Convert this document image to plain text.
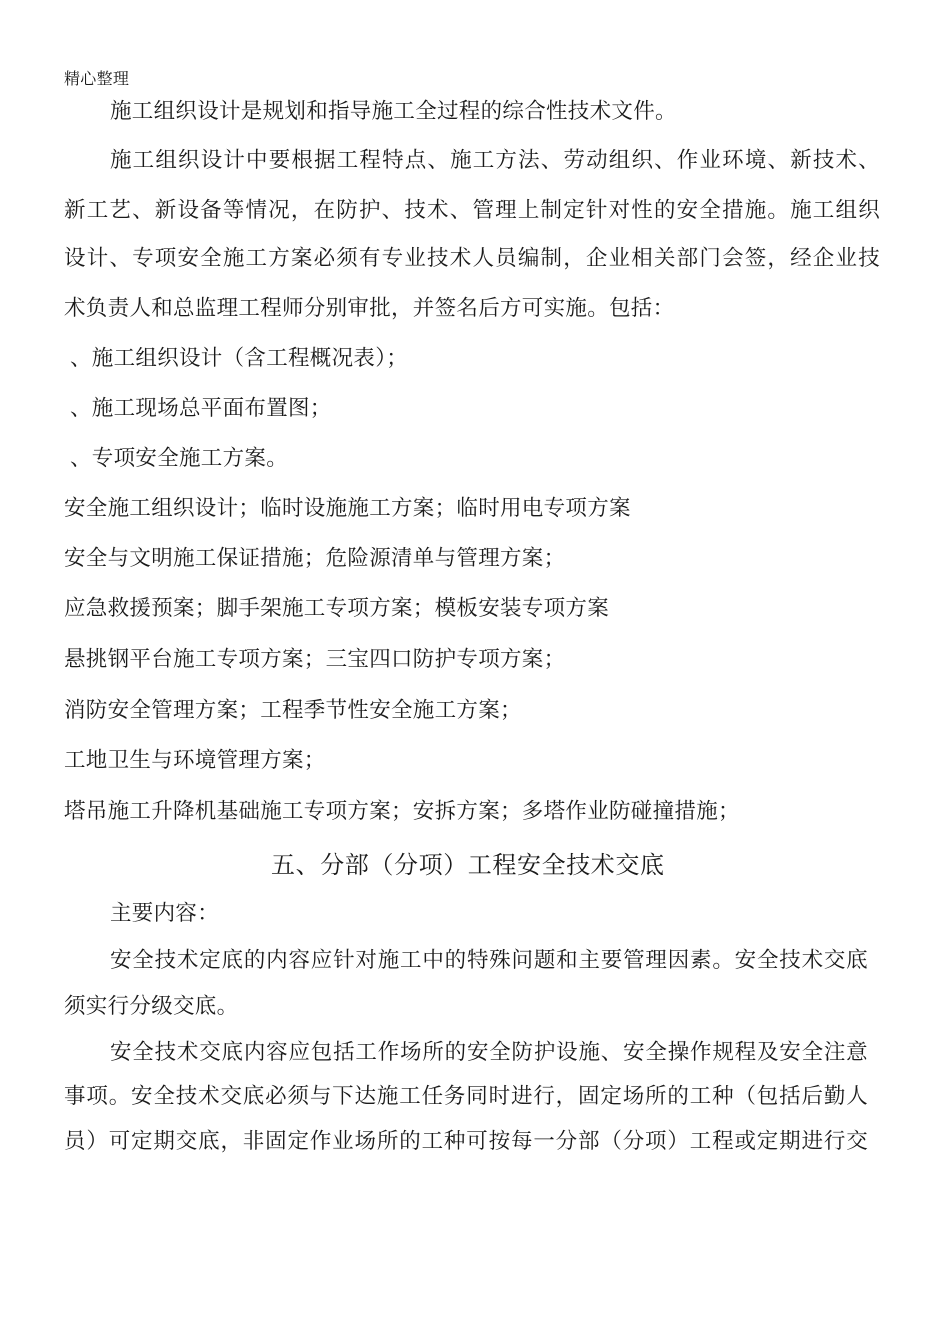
精心整理
施工组织设计是规划和指导施工全过程的综合性技术文件。
施工组织设计中要根据工程特点、施工方法、劳动组织、作业环境、新技术、
新工艺、新设备等情况，在防护、技术、管理上制定针对性的安全措施。施工组织
设计、专项安全施工方案必须有专业技术人员编制，企业相关部门会签，经企业技
术负责人和总监理工程师分别审批，并签名后方可实施。包括：
、施工组织设计（含工程概况表）；
、施工现场总平面布置图；
、专项安全施工方案。
安全施工组织设计；临时设施施工方案；临时用电专项方案
安全与文明施工保证措施；危险源清单与管理方案；
应急救援预案；脚手架施工专项方案；模板安装专项方案
悬挑钢平台施工专项方案；三宝四口防护专项方案；
消防安全管理方案；工程季节性安全施工方案；
工地卫生与环境管理方案；
塔吊施工升降机基础施工专项方案；安拆方案；多塔作业防碰撞措施；
五、分部（分项）工程安全技术交底
主要内容：
安全技术定底的内容应针对施工中的特殊问题和主要管理因素。安全技术交底
须实行分级交底。
安全技术交底内容应包括工作场所的安全防护设施、安全操作规程及安全注意
事项。安全技术交底必须与下达施工任务同时进行，固定场所的工种（包括后勤人
员）可定期交底，非固定作业场所的工种可按每一分部（分项）工程或定期进行交
